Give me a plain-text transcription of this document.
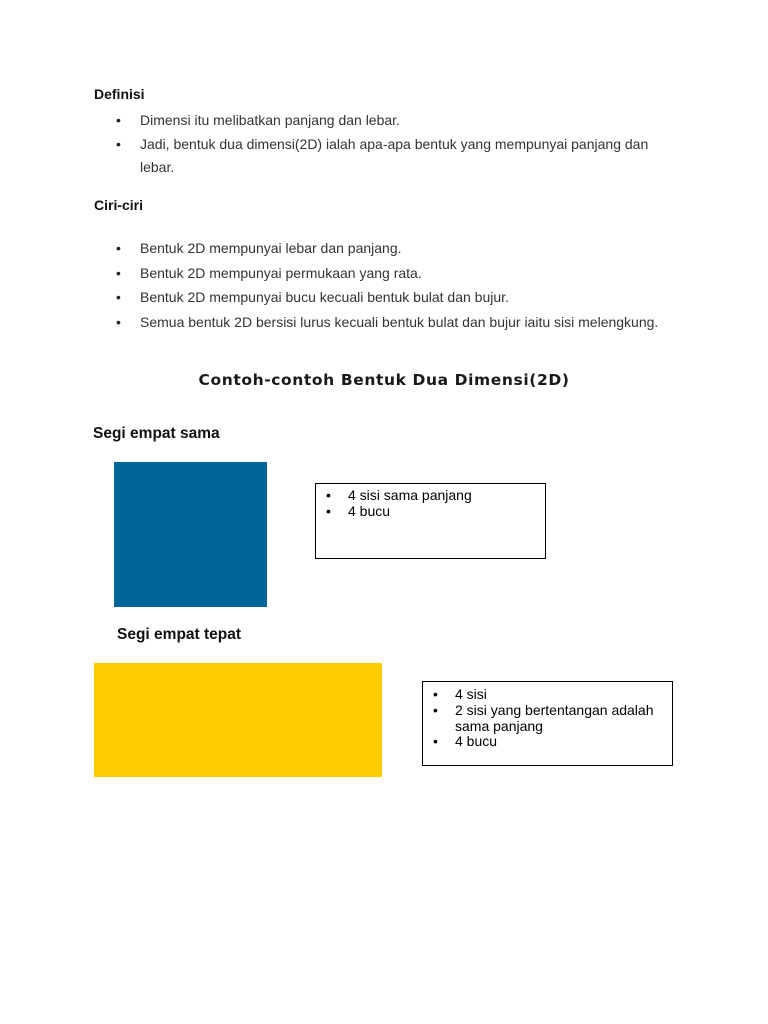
Definisi
• Dimensi itu melibatkan panjang dan lebar.
• Jadi, bentuk dua dimensi(2D) ialah apa-apa bentuk yang mempunyai panjang dan lebar.
Ciri-ciri
• Bentuk 2D mempunyai lebar dan panjang.
• Bentuk 2D mempunyai permukaan yang rata.
• Bentuk 2D mempunyai bucu kecuali bentuk bulat dan bujur.
• Semua bentuk 2D bersisi lurus kecuali bentuk bulat dan bujur iaitu sisi melengkung.
Contoh-contoh Bentuk Dua Dimensi(2D)
Segi empat sama
• 4 sisi sama panjang
• 4 bucu
Segi empat tepat
• 4 sisi
• 2 sisi yang bertentangan adalah sama panjang
• 4 bucu
